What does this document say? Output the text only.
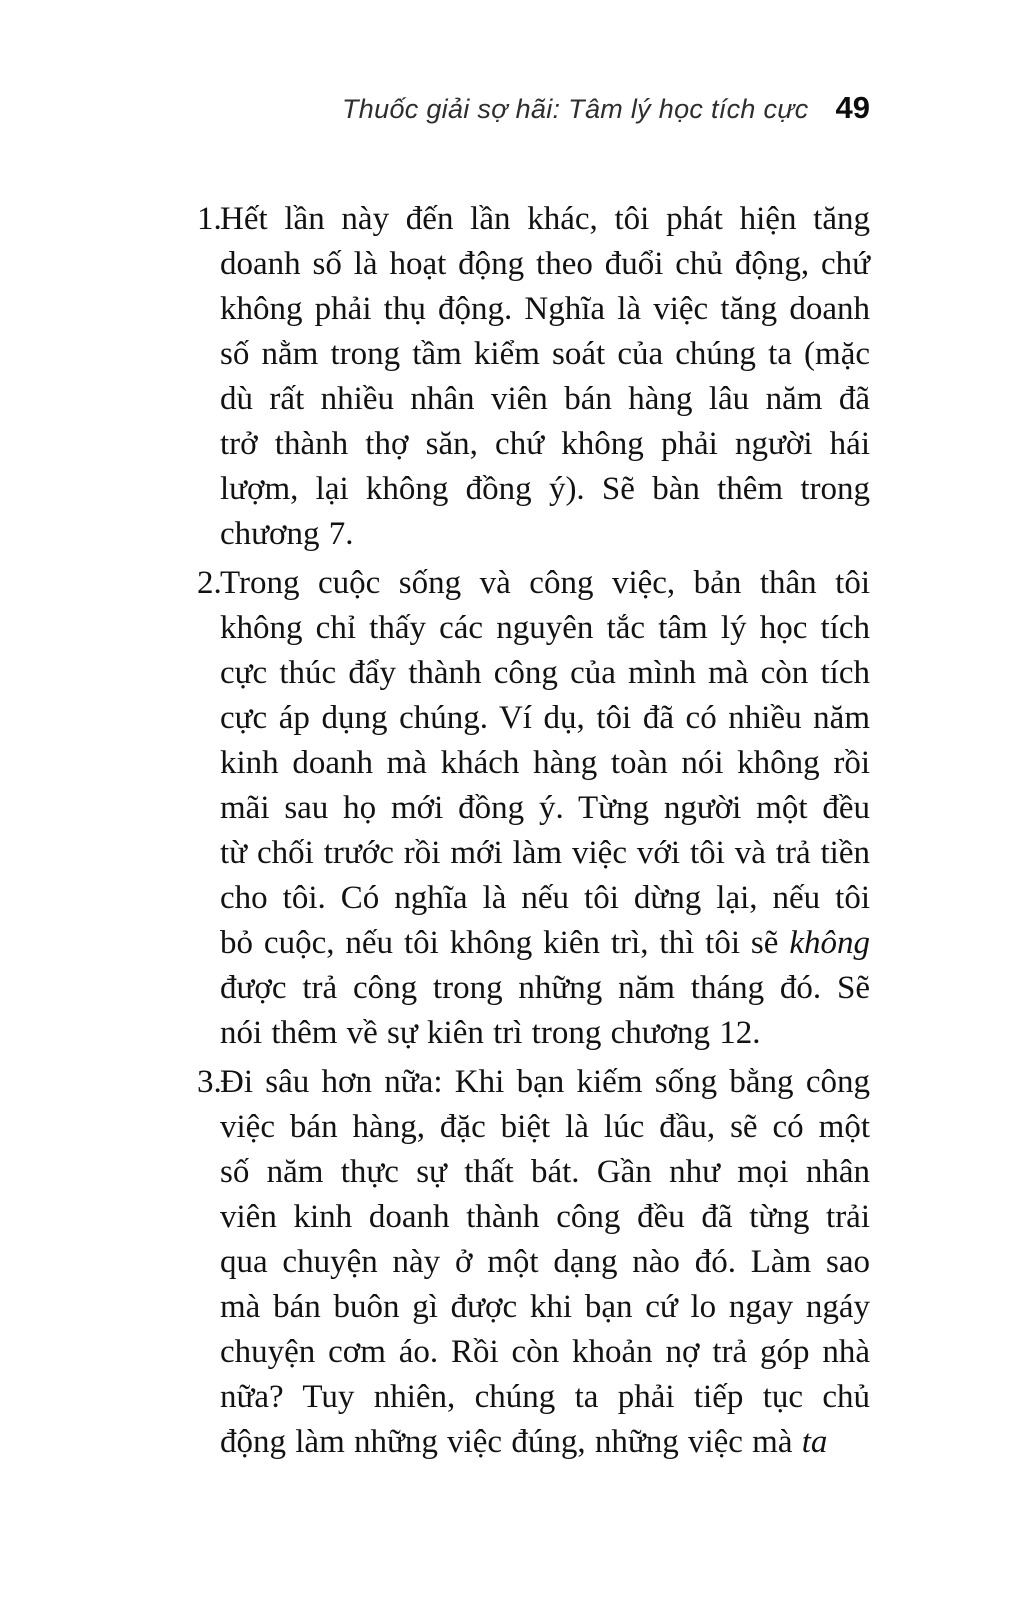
Thuốc giải sợ hãi: Tâm lý học tích cực 49
1.
Hết lần này đến lần khác, tôi phát hiện tăng
doanh số là hoạt động theo đuổi chủ động, chứ
không phải thụ động. Nghĩa là việc tăng doanh
số nằm trong tầm kiểm soát của chúng ta (mặc
dù rất nhiều nhân viên bán hàng lâu năm đã
trở thành thợ săn, chứ không phải người hái
lượm, lại không đồng ý). Sẽ bàn thêm trong
chương 7.
2.
Trong cuộc sống và công việc, bản thân tôi
không chỉ thấy các nguyên tắc tâm lý học tích
cực thúc đẩy thành công của mình mà còn tích
cực áp dụng chúng. Ví dụ, tôi đã có nhiều năm
kinh doanh mà khách hàng toàn nói không rồi
mãi sau họ mới đồng ý. Từng người một đều
từ chối trước rồi mới làm việc với tôi và trả tiền
cho tôi. Có nghĩa là nếu tôi dừng lại, nếu tôi
bỏ cuộc, nếu tôi không kiên trì, thì tôi sẽ không
được trả công trong những năm tháng đó. Sẽ
nói thêm về sự kiên trì trong chương 12.
3.
Đi sâu hơn nữa: Khi bạn kiếm sống bằng công
việc bán hàng, đặc biệt là lúc đầu, sẽ có một
số năm thực sự thất bát. Gần như mọi nhân
viên kinh doanh thành công đều đã từng trải
qua chuyện này ở một dạng nào đó. Làm sao
mà bán buôn gì được khi bạn cứ lo ngay ngáy
chuyện cơm áo. Rồi còn khoản nợ trả góp nhà
nữa? Tuy nhiên, chúng ta phải tiếp tục chủ
động làm những việc đúng, những việc mà ta
